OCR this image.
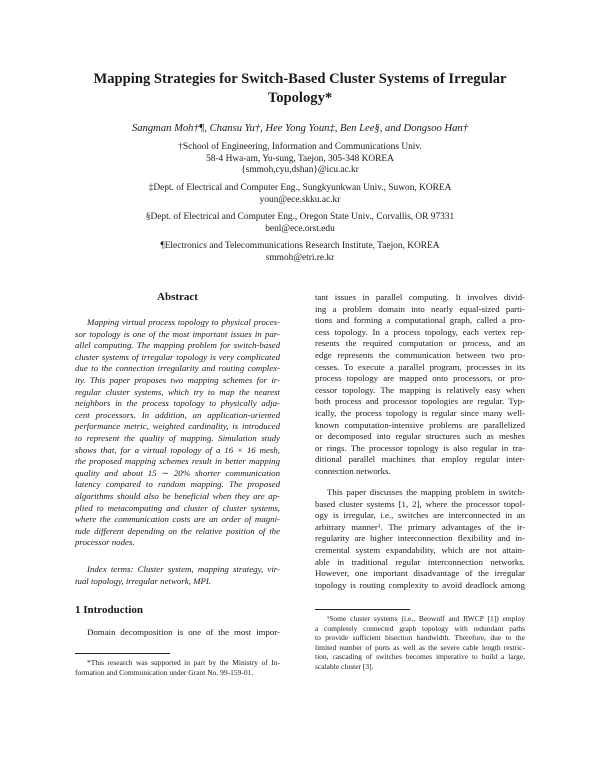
Mapping Strategies for Switch-Based Cluster Systems of Irregular
Topology*
Sangman Moh†¶, Chansu Yu†, Hee Yong Youn‡, Ben Lee§, and Dongsoo Han†
†School of Engineering, Information and Communications Univ.
58-4 Hwa-am, Yu-sung, Taejon, 305-348 KOREA
{smmoh,cyu,dshan}@icu.ac.kr
‡Dept. of Electrical and Computer Eng., Sungkyunkwan Univ., Suwon, KOREA
youn@ece.skku.ac.kr
§Dept. of Electrical and Computer Eng., Oregon State Univ., Corvallis, OR 97331
benl@ece.orst.edu
¶Electronics and Telecommunications Research Institute, Taejon, KOREA
smmoh@etri.re.kr
Abstract
Mapping virtual process topology to physical proces-
sor topology is one of the most important issues in par-
allel computing. The mapping problem for switch-based
cluster systems of irregular topology is very complicated
due to the connection irregularity and routing complex-
ity. This paper proposes two mapping schemes for ir-
regular cluster systems, which try to map the nearest
neighbors in the process topology to physically adja-
cent processors. In addition, an application-oriented
performance metric, weighted cardinality, is introduced
to represent the quality of mapping. Simulation study
shows that, for a virtual topology of a 16 × 16 mesh,
the proposed mapping schemes result in better mapping
quality and about 15 ∼ 20% shorter communication
latency compared to random mapping. The proposed
algorithms should also be beneficial when they are ap-
plied to metacomputing and cluster of cluster systems,
where the communication costs are an order of magni-
tude different depending on the relative position of the
processor nodes.
Index terms: Cluster system, mapping strategy, vir-
tual topology, irregular network, MPI.
1 Introduction
Domain decomposition is one of the most impor-
*This research was supported in part by the Ministry of In-
formation and Communication under Grant No. 99-159-01.
tant issues in parallel computing. It involves divid-
ing a problem domain into nearly equal-sized parti-
tions and forming a computational graph, called a pro-
cess topology. In a process topology, each vertex rep-
resents the required computation or process, and an
edge represents the communication between two pro-
cesses. To execute a parallel program, processes in its
process topology are mapped onto processors, or pro-
cessor topology. The mapping is relatively easy when
both process and processor topologies are regular. Typ-
ically, the process topology is regular since many well-
known computation-intensive problems are parallelized
or decomposed into regular structures such as meshes
or rings. The processor topology is also regular in tra-
ditional parallel machines that employ regular inter-
connection networks.
This paper discusses the mapping problem in switch-
based cluster systems [1, 2], where the processor topol-
ogy is irregular, i.e., switches are interconnected in an
arbitrary manner¹. The primary advantages of the ir-
regularity are higher interconnection flexibility and in-
cremental system expandability, which are not attain-
able in traditional regular interconnection networks.
However, one important disadvantage of the irregular
topology is routing complexity to avoid deadlock among
¹Some cluster systems (i.e., Beowulf and RWCP [1]) employ
a completely connected graph topology with redundant paths
to provide sufficient bisection bandwidth. Therefore, due to the
limited number of ports as well as the severe cable length restric-
tion, cascading of switches becomes imperative to build a large,
scalable cluster [3].
